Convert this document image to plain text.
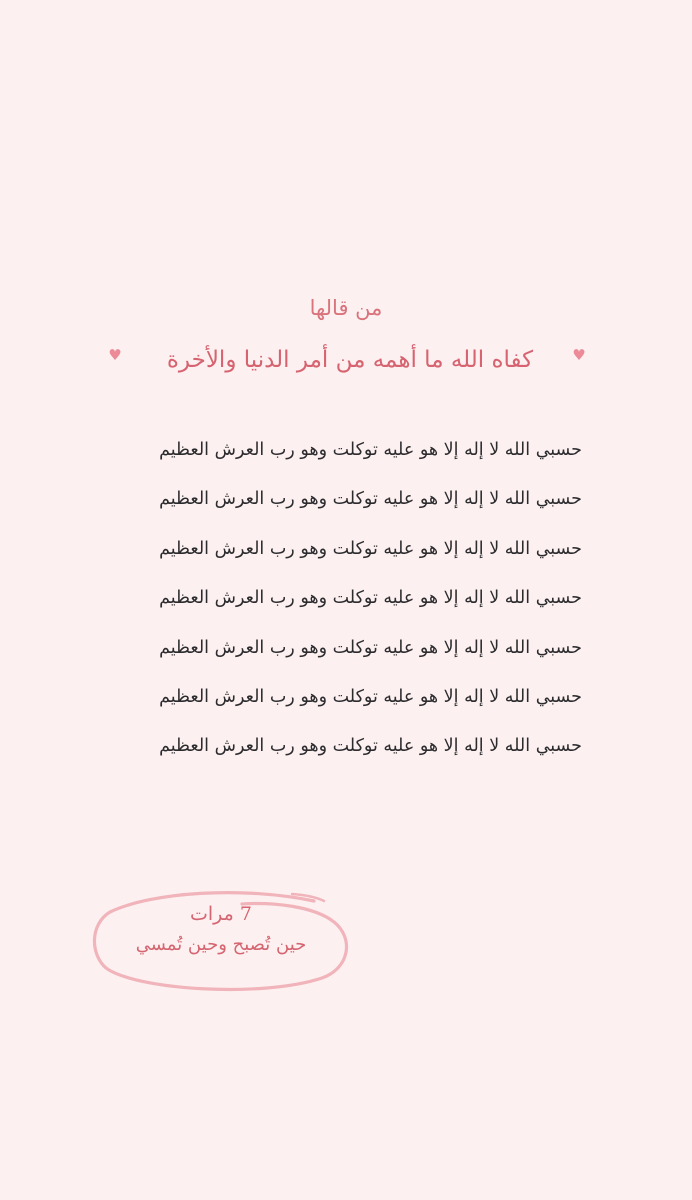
من قالها
♥
كفاه الله ما أهمه من أمر الدنيا والأخرة
♥
حسبي الله لا إله إلا هو عليه توكلت وهو رب العرش العظيم
حسبي الله لا إله إلا هو عليه توكلت وهو رب العرش العظيم
حسبي الله لا إله إلا هو عليه توكلت وهو رب العرش العظيم
حسبي الله لا إله إلا هو عليه توكلت وهو رب العرش العظيم
حسبي الله لا إله إلا هو عليه توكلت وهو رب العرش العظيم
حسبي الله لا إله إلا هو عليه توكلت وهو رب العرش العظيم
حسبي الله لا إله إلا هو عليه توكلت وهو رب العرش العظيم
7 مرات
حين تُصبح وحين تُمسي
